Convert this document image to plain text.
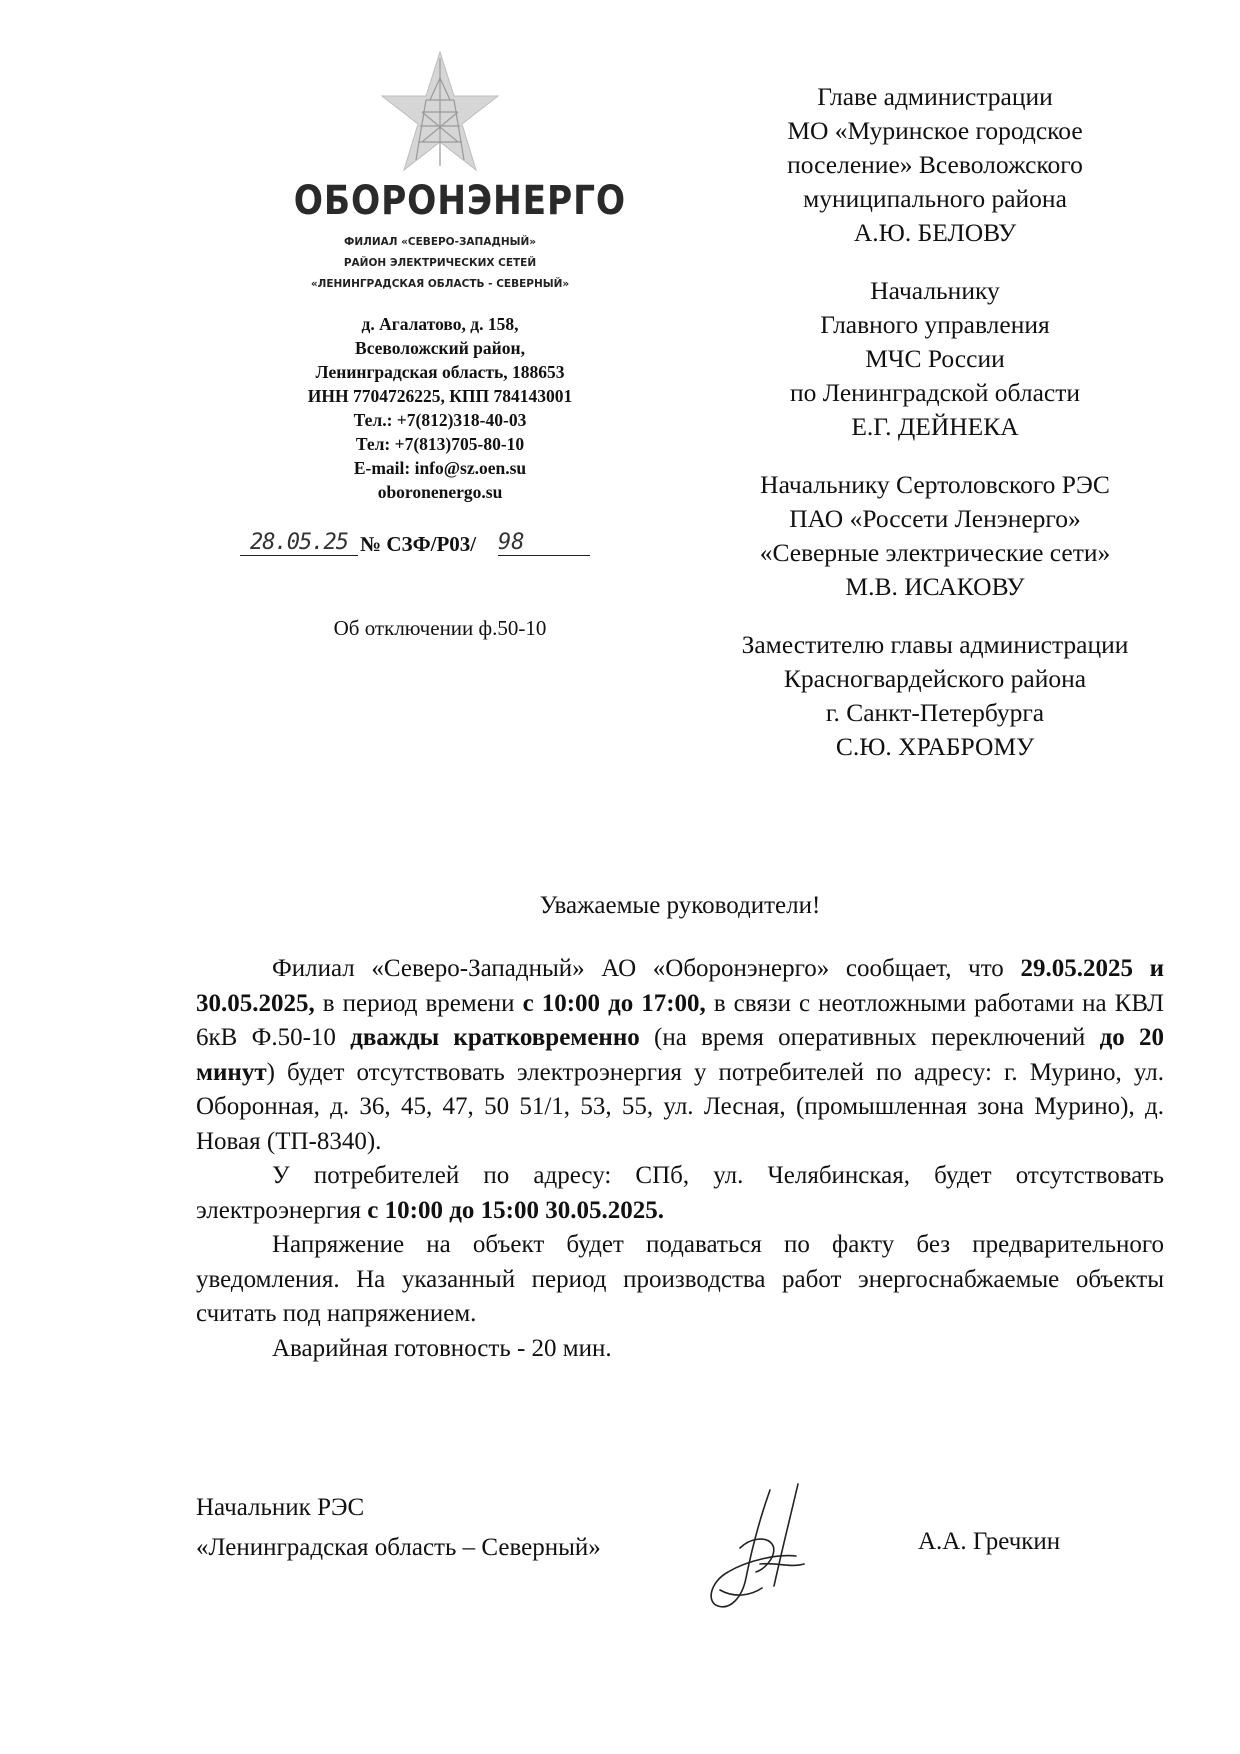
ОБОРОНЭНЕРГО
ФИЛИАЛ «СЕВЕРО-ЗАПАДНЫЙ»
РАЙОН ЭЛЕКТРИЧЕСКИХ СЕТЕЙ
«ЛЕНИНГРАДСКАЯ ОБЛАСТЬ - СЕВЕРНЫЙ»
д. Агалатово, д. 158,
Всеволожский район,
Ленинградская область, 188653
ИНН 7704726225, КПП 784143001
Тел.: +7(812)318-40-03
Тел: +7(813)705-80-10
E-mail: info@sz.oen.su
oboronenergo.su
28.05.25 № СЗФ/Р03/ 98
Об отключении ф.50-10
Главе администрации
МО «Муринское городское
поселение» Всеволожского
муниципального района
А.Ю. БЕЛОВУ
Начальнику
Главного управления
МЧС России
по Ленинградской области
Е.Г. ДЕЙНЕКА
Начальнику Сертоловского РЭС
ПАО «Россети Ленэнерго»
«Северные электрические сети»
М.В. ИСАКОВУ
Заместителю главы администрации
Красногвардейского района
г. Санкт-Петербурга
С.Ю. ХРАБРОМУ
Уважаемые руководители!

Филиал «Северо-Западный» АО «Оборонэнерго» сообщает, что 29.05.2025 и 30.05.2025, в период времени с 10:00 до 17:00, в связи с неотложными работами на КВЛ 6кВ Ф.50-10 дважды кратковременно (на время оперативных переключений до 20 минут) будет отсутствовать электроэнергия у потребителей по адресу: г. Мурино, ул. Оборонная, д. 36, 45, 47, 50 51/1, 53, 55, ул. Лесная, (промышленная зона Мурино), д. Новая (ТП-8340).

У потребителей по адресу: СПб, ул. Челябинская, будет отсутствовать электроэнергия с 10:00 до 15:00 30.05.2025.

Напряжение на объект будет подаваться по факту без предварительного уведомления. На указанный период производства работ энергоснабжаемые объекты считать под напряжением.

Аварийная готовность - 20 мин.

Начальник РЭС
«Ленинградская область – Северный»	А.А. Гречкин
